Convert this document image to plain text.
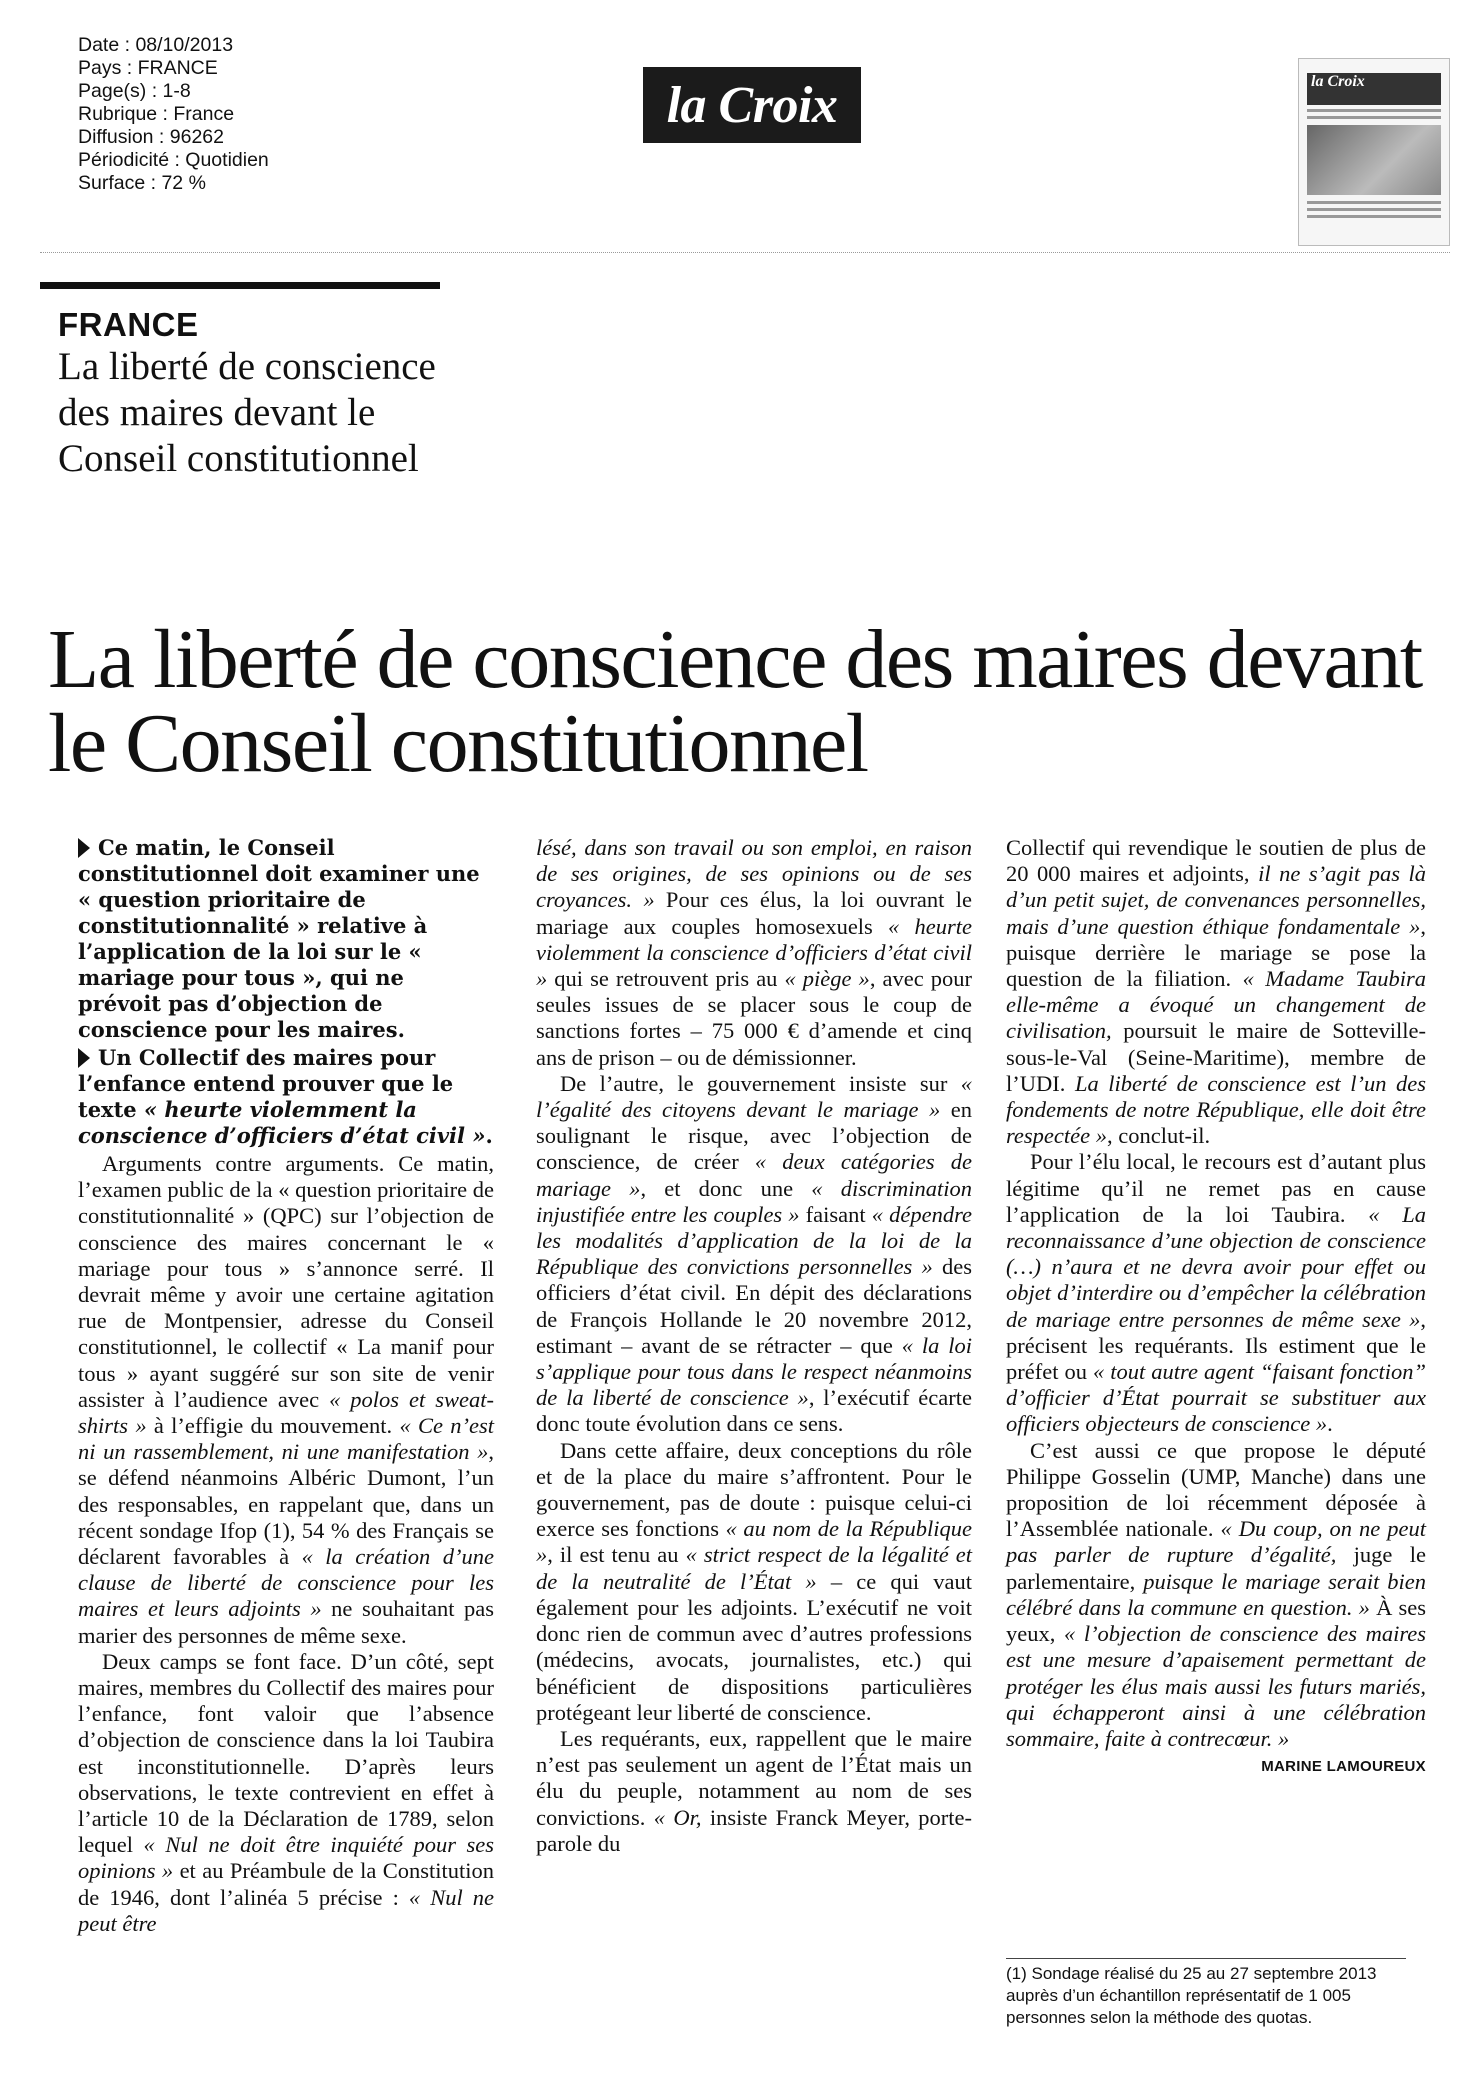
Date : 08/10/2013
Pays : FRANCE
Page(s) : 1-8
Rubrique : France
Diffusion : 96262
Périodicité : Quotidien
Surface : 72 %
la Croix	la Croix
FRANCE
La liberté de conscience des maires devant le Conseil constitutionnel
La liberté de conscience des maires devant le Conseil constitutionnel
Ce matin, le Conseil constitutionnel doit examiner une « question prioritaire de constitutionnalité » relative à l’application de la loi sur le « mariage pour tous », qui ne prévoit pas d’objection de conscience pour les maires.
Un Collectif des maires pour l’enfance entend prouver que le texte « heurte violemment la conscience d’officiers d’état civil ».

Arguments contre arguments. Ce matin, l’examen public de la « question prioritaire de constitutionnalité » (QPC) sur l’objection de conscience des maires concernant le « mariage pour tous » s’annonce serré. Il devrait même y avoir une certaine agitation rue de Montpensier, adresse du Conseil constitutionnel, le collectif « La manif pour tous » ayant suggéré sur son site de venir assister à l’audience avec « polos et sweat-shirts » à l’effigie du mouvement. « Ce n’est ni un rassemblement, ni une manifestation », se défend néanmoins Albéric Dumont, l’un des responsables, en rappelant que, dans un récent sondage Ifop (1), 54 % des Français se déclarent favorables à « la création d’une clause de liberté de conscience pour les maires et leurs adjoints » ne souhaitant pas marier des personnes de même sexe.

Deux camps se font face. D’un côté, sept maires, membres du Collectif des maires pour l’enfance, font valoir que l’absence d’objection de conscience dans la loi Taubira est inconstitutionnelle. D’après leurs observations, le texte contrevient en effet à l’article 10 de la Déclaration de 1789, selon lequel « Nul ne doit être inquiété pour ses opinions » et au Préambule de la Constitution de 1946, dont l’alinéa 5 précise : « Nul ne peut être

lésé, dans son travail ou son emploi, en raison de ses origines, de ses opinions ou de ses croyances. » Pour ces élus, la loi ouvrant le mariage aux couples homosexuels « heurte violemment la conscience d’officiers d’état civil » qui se retrouvent pris au « piège », avec pour seules issues de se placer sous le coup de sanctions fortes – 75 000 € d’amende et cinq ans de prison – ou de démissionner.

De l’autre, le gouvernement insiste sur « l’égalité des citoyens devant le mariage » en soulignant le risque, avec l’objection de conscience, de créer « deux catégories de mariage », et donc une « discrimination injustifiée entre les couples » faisant « dépendre les modalités d’application de la loi de la République des convictions personnelles » des officiers d’état civil. En dépit des déclarations de François Hollande le 20 novembre 2012, estimant – avant de se rétracter – que « la loi s’applique pour tous dans le respect néanmoins de la liberté de conscience », l’exécutif écarte donc toute évolution dans ce sens.

Dans cette affaire, deux conceptions du rôle et de la place du maire s’affrontent. Pour le gouvernement, pas de doute : puisque celui-ci exerce ses fonctions « au nom de la République », il est tenu au « strict respect de la légalité et de la neutralité de l’État » – ce qui vaut également pour les adjoints. L’exécutif ne voit donc rien de commun avec d’autres professions (médecins, avocats, journalistes, etc.) qui bénéficient de dispositions particulières protégeant leur liberté de conscience.

Les requérants, eux, rappellent que le maire n’est pas seulement un agent de l’État mais un élu du peuple, notamment au nom de ses convictions. « Or, insiste Franck Meyer, porte-parole du

Collectif qui revendique le soutien de plus de 20 000 maires et adjoints, il ne s’agit pas là d’un petit sujet, de convenances personnelles, mais d’une question éthique fondamentale », puisque derrière le mariage se pose la question de la filiation. « Madame Taubira elle-même a évoqué un changement de civilisation, poursuit le maire de Sotteville-sous-le-Val (Seine-Maritime), membre de l’UDI. La liberté de conscience est l’un des fondements de notre République, elle doit être respectée », conclut-il.

Pour l’élu local, le recours est d’autant plus légitime qu’il ne remet pas en cause l’application de la loi Taubira. « La reconnaissance d’une objection de conscience (…) n’aura et ne devra avoir pour effet ou objet d’interdire ou d’empêcher la célébration de mariage entre personnes de même sexe », précisent les requérants. Ils estiment que le préfet ou « tout autre agent “faisant fonction” d’officier d’État pourrait se substituer aux officiers objecteurs de conscience ».

C’est aussi ce que propose le député Philippe Gosselin (UMP, Manche) dans une proposition de loi récemment déposée à l’Assemblée nationale. « Du coup, on ne peut pas parler de rupture d’égalité, juge le parlementaire, puisque le mariage serait bien célébré dans la commune en question. » À ses yeux, « l’objection de conscience des maires est une mesure d’apaisement permettant de protéger les élus mais aussi les futurs mariés, qui échapperont ainsi à une célébration sommaire, faite à contrecœur. »

MARINE LAMOUREUX
(1) Sondage réalisé du 25 au 27 septembre 2013 auprès d’un échantillon représentatif de 1 005 personnes selon la méthode des quotas.
